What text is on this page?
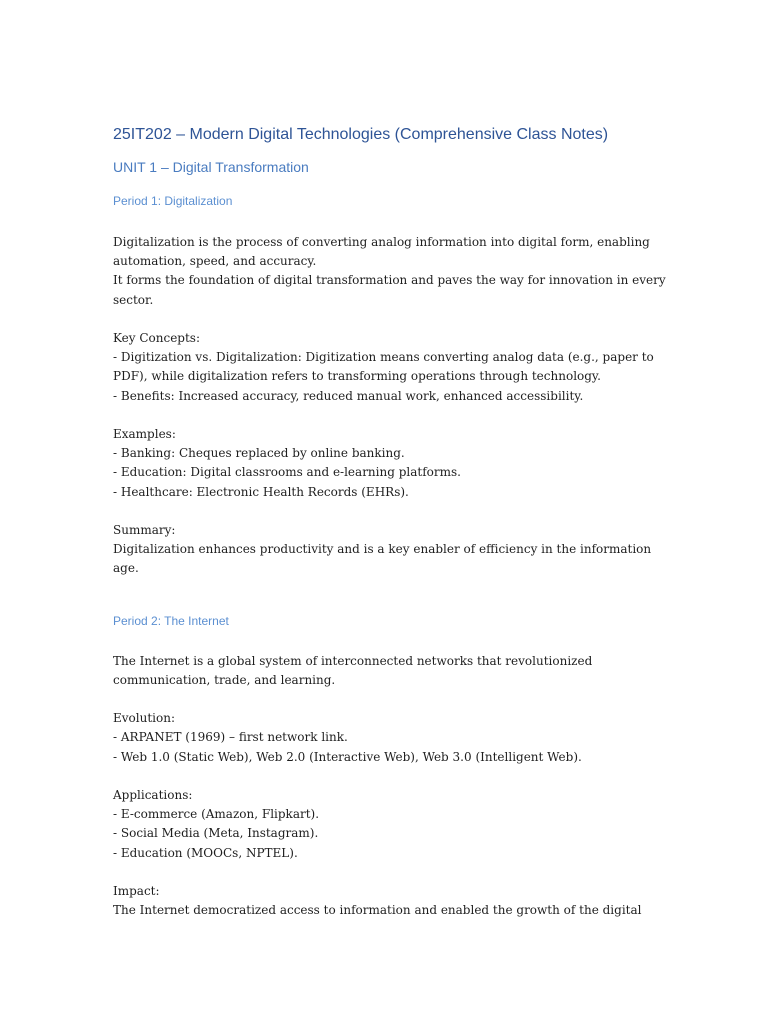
25IT202 – Modern Digital Technologies (Comprehensive Class Notes)
UNIT 1 – Digital Transformation
Period 1: Digitalization

Digitalization is the process of converting analog information into digital form, enabling
automation, speed, and accuracy.
It forms the foundation of digital transformation and paves the way for innovation in every
sector.

Key Concepts:
- Digitization vs. Digitalization: Digitization means converting analog data (e.g., paper to
PDF), while digitalization refers to transforming operations through technology.
- Benefits: Increased accuracy, reduced manual work, enhanced accessibility.

Examples:
- Banking: Cheques replaced by online banking.
- Education: Digital classrooms and e-learning platforms.
- Healthcare: Electronic Health Records (EHRs).

Summary:
Digitalization enhances productivity and is a key enabler of efficiency in the information
age.

Period 2: The Internet

The Internet is a global system of interconnected networks that revolutionized
communication, trade, and learning.

Evolution:
- ARPANET (1969) – first network link.
- Web 1.0 (Static Web), Web 2.0 (Interactive Web), Web 3.0 (Intelligent Web).

Applications:
- E-commerce (Amazon, Flipkart).
- Social Media (Meta, Instagram).
- Education (MOOCs, NPTEL).

Impact:
The Internet democratized access to information and enabled the growth of the digital
